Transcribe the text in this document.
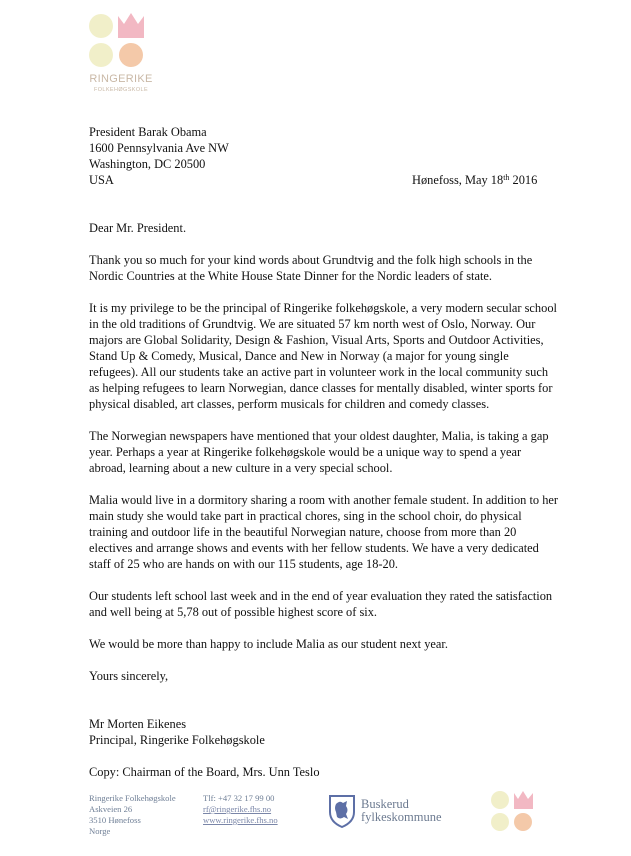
RINGERIKE
FOLKEHØGSKOLE
President Barak Obama
1600 Pennsylvania Ave NW
Washington, DC 20500
USA	Hønefoss, May 18th 2016

Dear Mr. President.

Thank you so much for your kind words about Grundtvig and the folk high schools in the Nordic Countries at the White House State Dinner for the Nordic leaders of state.

It is my privilege to be the principal of Ringerike folkehøgskole, a very modern secular school in the old traditions of Grundtvig. We are situated 57 km north west of Oslo, Norway. Our majors are Global Solidarity, Design & Fashion, Visual Arts, Sports and Outdoor Activities, Stand Up & Comedy, Musical, Dance and New in Norway (a major for young single refugees). All our students take an active part in volunteer work in the local community such as helping refugees to learn Norwegian, dance classes for mentally disabled, winter sports for physical disabled, art classes, perform musicals for children and comedy classes.

The Norwegian newspapers have mentioned that your oldest daughter, Malia, is taking a gap year. Perhaps a year at Ringerike folkehøgskole would be a unique way to spend a year abroad, learning about a new culture in a very special school.

Malia would live in a dormitory sharing a room with another female student. In addition to her main study she would take part in practical chores, sing in the school choir, do physical training and outdoor life in the beautiful Norwegian nature, choose from more than 20 electives and arrange shows and events with her fellow students. We have a very dedicated staff of 25 who are hands on with our 115 students, age 18-20.

Our students left school last week and in the end of year evaluation they rated the satisfaction and well being at 5,78 out of possible highest score of six.

We would be more than happy to include Malia as our student next year.

Yours sincerely,

Mr Morten Eikenes
Principal, Ringerike Folkehøgskole
Copy: Chairman of the Board, Mrs. Unn Teslo
Ringerike Folkehøgskole
Askveien 26
3510 Hønefoss
Norge
Tlf: +47 32 17 99 00
rf@ringerike.fhs.no
www.ringerike.fhs.no
Buskerud
fylkeskommune
